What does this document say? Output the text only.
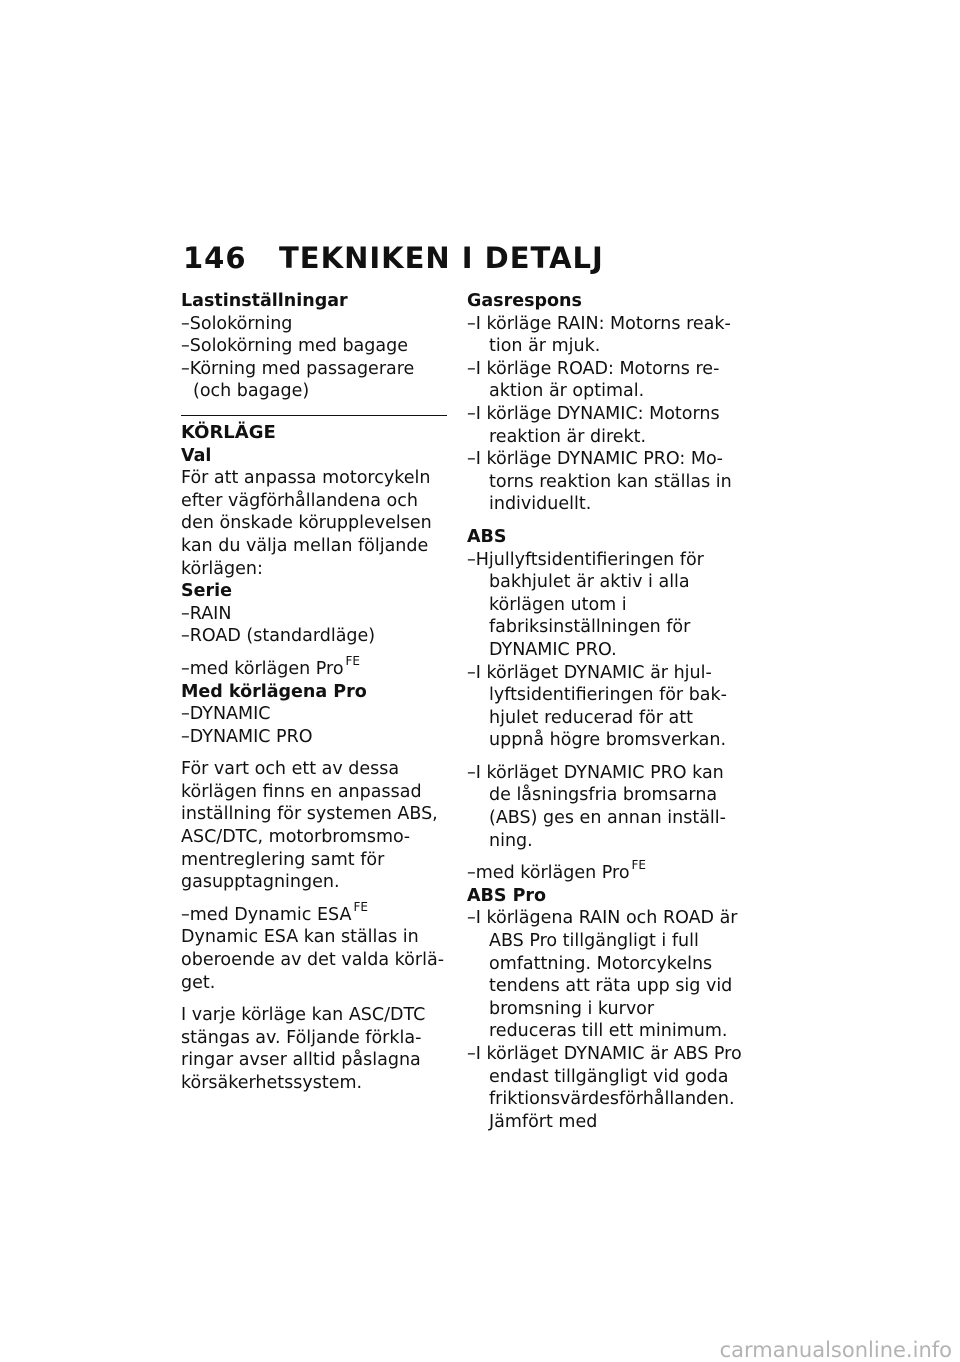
146 TEKNIKEN I DETALJ

Lastinställningar

–Solokörning
–Solokörning med bagage
–Körning med passagerare (och bagage)

KÖRLÄGE

Val

För att anpassa motorcykeln efter vägförhållandena och den önskade körupplevelsen kan du välja mellan följande körlägen:

Serie

–RAIN
–ROAD (standardläge)

–med körlägen Pro $^{FE}$

Med körlägena Pro

–DYNAMIC
–DYNAMIC PRO

För vart och ett av dessa körlägen finns en anpassad inställning för systemen ABS, ASC/DTC, motorbromsmomentreglering samt för gasupptagningen.

–med Dynamic ESA $^{FE}$

Dynamic ESA kan ställas in oberoende av det valda körläget.

I varje körläge kan ASC/DTC stängas av. Följande förklaringar avser alltid påslagna körsäkerhetssystem.

Gasrespons

–I körläge RAIN: Motorns reaktion är mjuk.
–I körläge ROAD: Motorns reaktion är optimal.
–I körläge DYNAMIC: Motorns reaktion är direkt.
–I körläge DYNAMIC PRO: Motorns reaktion kan ställas in individuellt.

ABS

–Hjullyftsidentifieringen för bakhjulet är aktiv i alla körlägen utom i fabriksinställningen för DYNAMIC PRO.
–I körläget DYNAMIC är hjullyftsidentifieringen för bakhjulet reducerad för att uppnå högre bromsverkan.
–I körläget DYNAMIC PRO kan de låsningsfria bromsarna (ABS) ges en annan inställning.

–med körlägen Pro $^{FE}$

ABS Pro

–I körlägena RAIN och ROAD är ABS Pro tillgängligt i full omfattning. Motorcykelns tendens att räta upp sig vid bromsning i kurvor reduceras till ett minimum.
–I körläget DYNAMIC är ABS Pro endast tillgängligt vid goda friktionsvärdesförhållanden. Jämfört med
carmanualsonline.info
